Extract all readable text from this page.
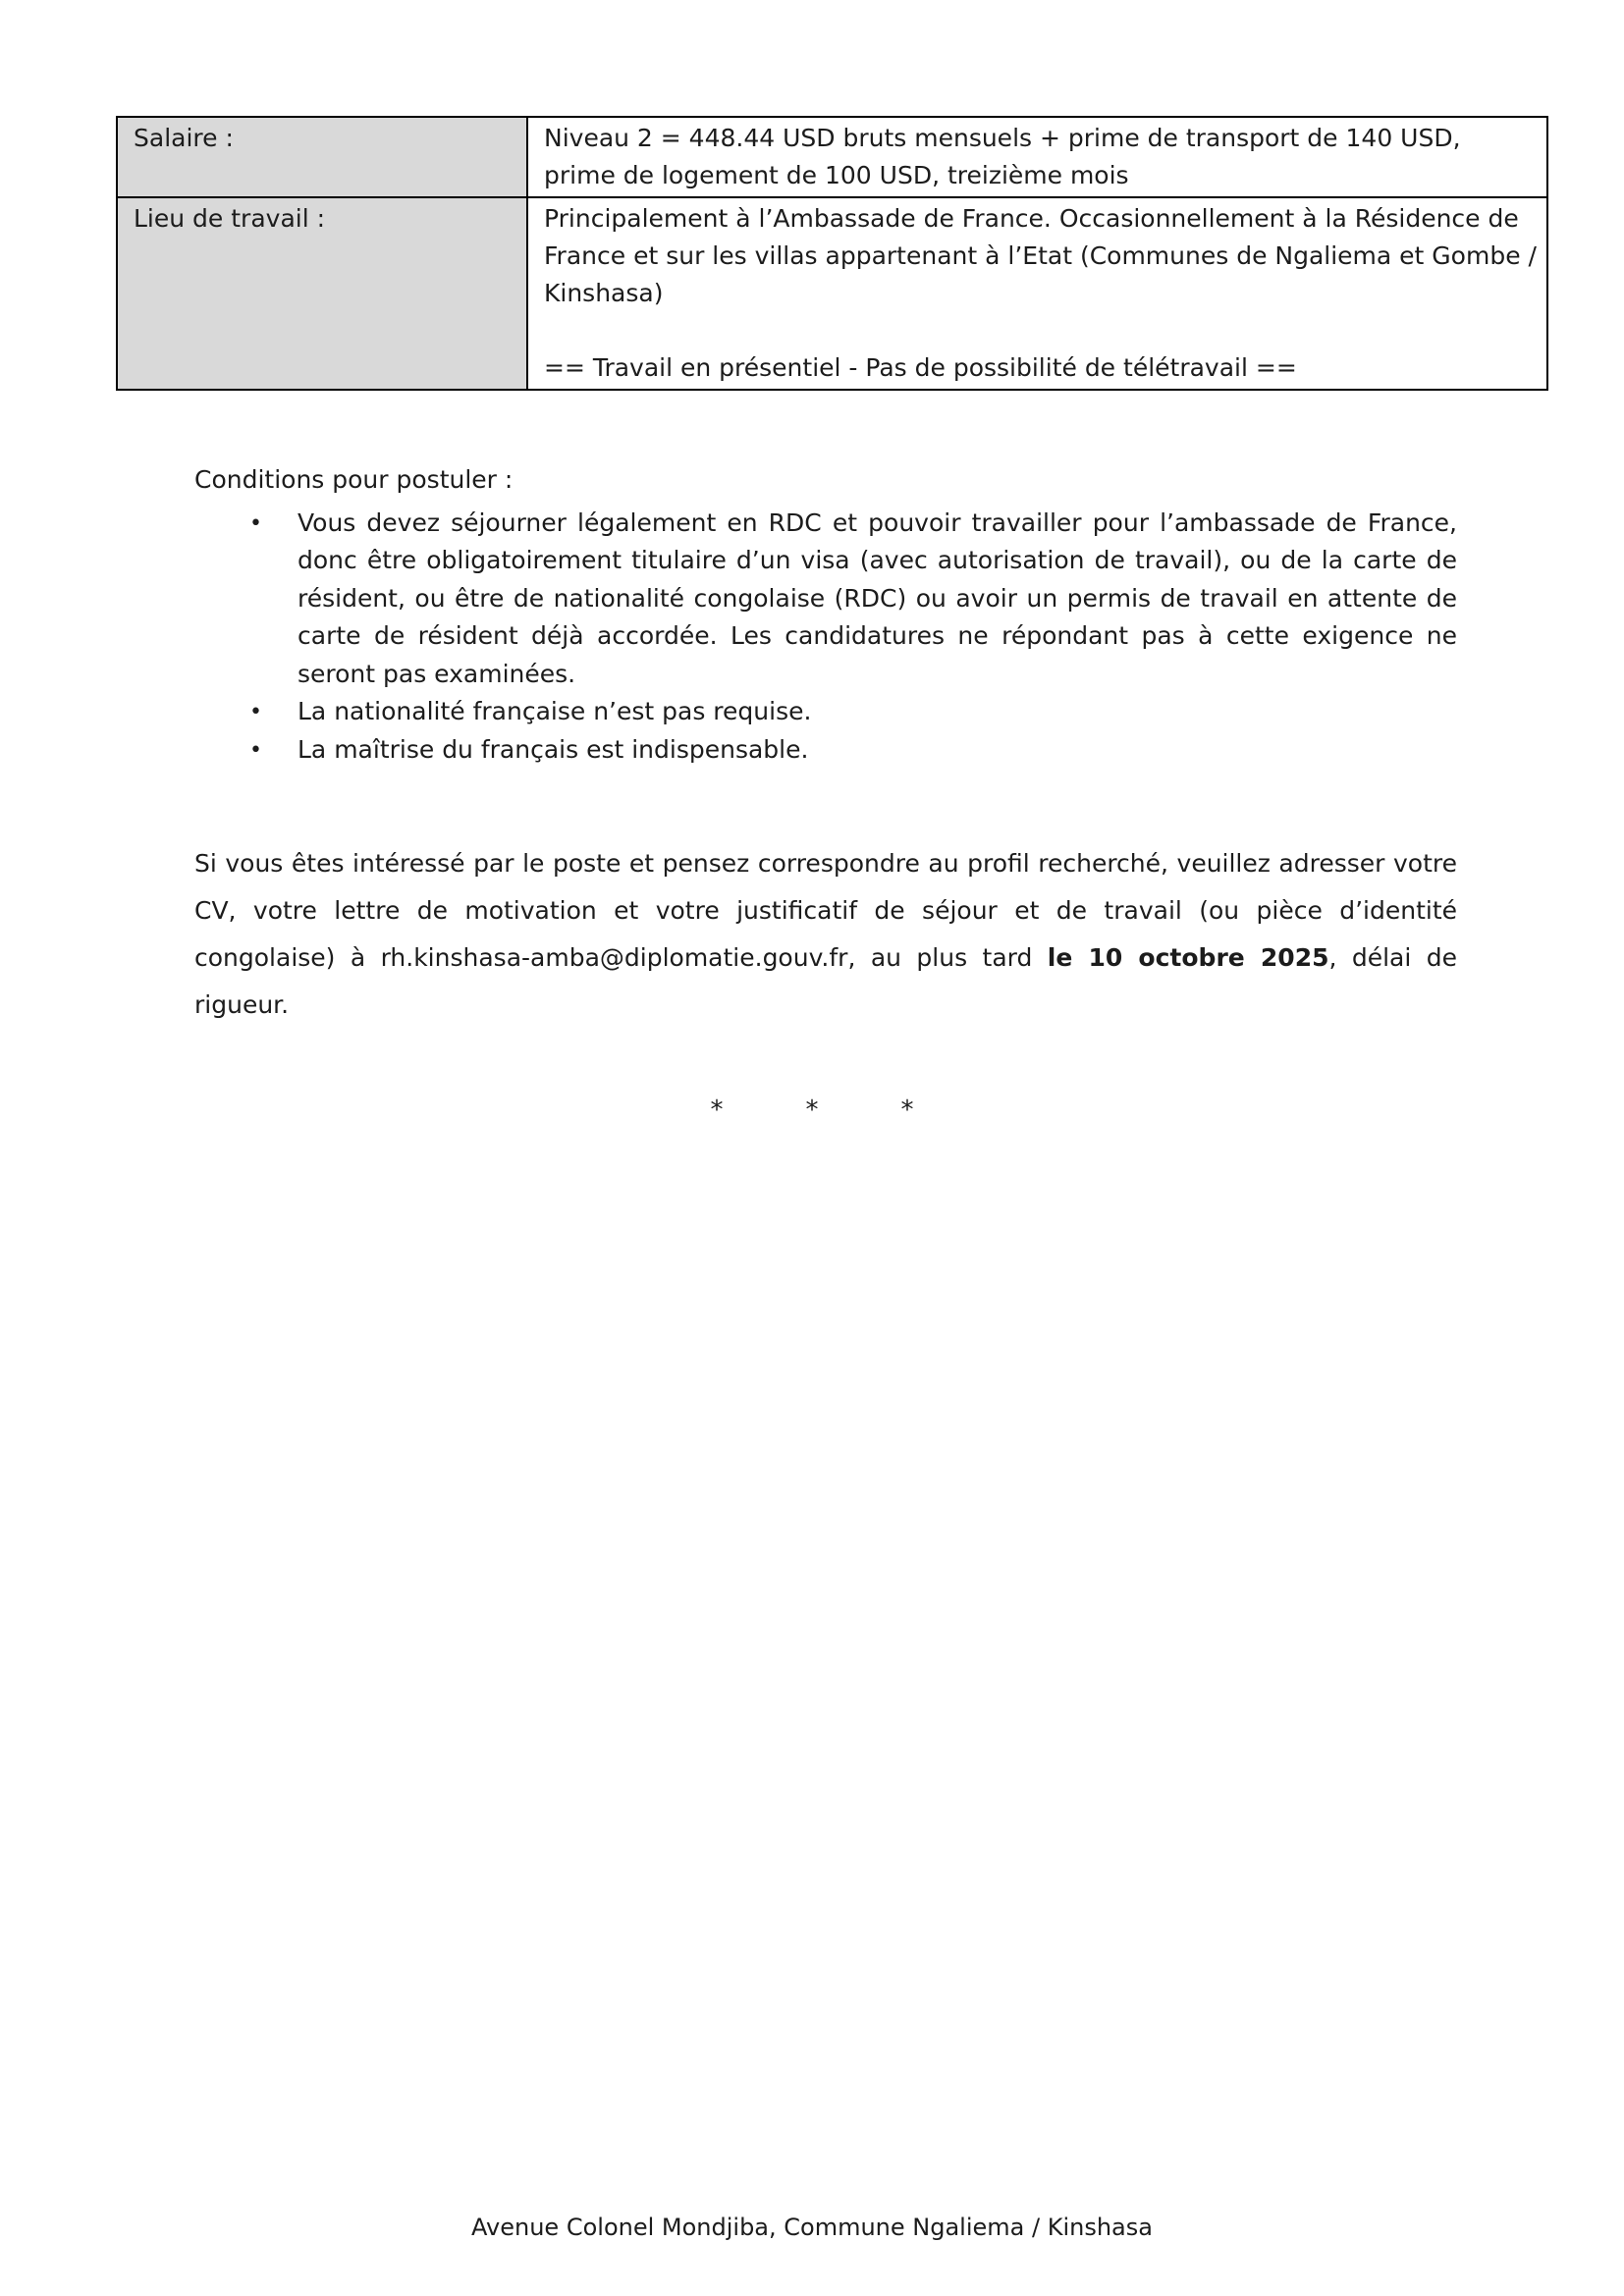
Salaire :	Niveau 2 = 448.44 USD bruts mensuels + prime de transport de 140 USD, prime de logement de 100 USD, treizième mois

Lieu de travail :	Principalement à l’Ambassade de France. Occasionnellement à la Résidence de France et sur les villas appartenant à l’Etat (Communes de Ngaliema et Gombe / Kinshasa)

== Travail en présentiel - Pas de possibilité de télétravail ==

Conditions pour postuler :

• Vous devez séjourner légalement en RDC et pouvoir travailler pour l’ambassade de France, donc être obligatoirement titulaire d’un visa (avec autorisation de travail), ou de la carte de résident, ou être de nationalité congolaise (RDC) ou avoir un permis de travail en attente de carte de résident déjà accordée. Les candidatures ne répondant pas à cette exigence ne seront pas examinées.
• La nationalité française n’est pas requise.
• La maîtrise du français est indispensable.

Si vous êtes intéressé par le poste et pensez correspondre au profil recherché, veuillez adresser votre CV, votre lettre de motivation et votre justificatif de séjour et de travail (ou pièce d’identité congolaise) à rh.kinshasa-amba@diplomatie.gouv.fr, au plus tard le 10 octobre 2025, délai de rigueur.

*	*	*
Avenue Colonel Mondjiba, Commune Ngaliema / Kinshasa
